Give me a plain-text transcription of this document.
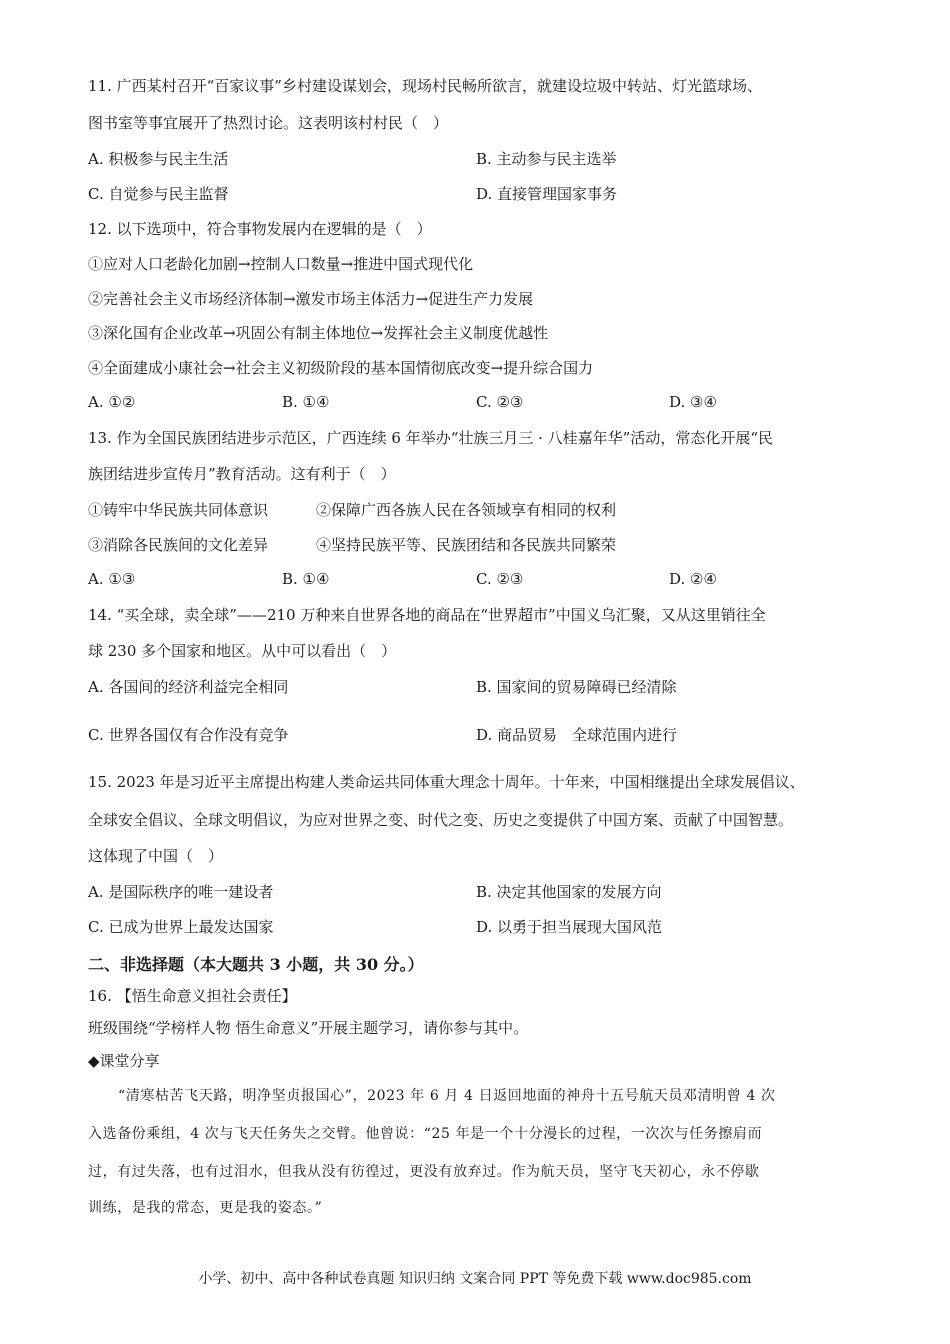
11. 广西某村召开“百家议事”乡村建设谋划会，现场村民畅所欲言，就建设垃圾中转站、灯光篮球场、
图书室等事宜展开了热烈讨论。这表明该村村民（　）
A. 积极参与民主生活	B. 主动参与民主选举
C. 自觉参与民主监督	D. 直接管理国家事务
12. 以下选项中，符合事物发展内在逻辑的是（　）
①应对人口老龄化加剧→控制人口数量→推进中国式现代化
②完善社会主义市场经济体制→激发市场主体活力→促进生产力发展
③深化国有企业改革→巩固公有制主体地位→发挥社会主义制度优越性
④全面建成小康社会→社会主义初级阶段的基本国情彻底改变→提升综合国力
A. ①②	B. ①④	C. ②③	D. ③④
13. 作为全国民族团结进步示范区，广西连续 6 年举办“壮族三月三 · 八桂嘉年华”活动，常态化开展“民
族团结进步宣传月”教育活动。这有利于（　）
①铸牢中华民族共同体意识	②保障广西各族人民在各领域享有相同的权利
③消除各民族间的文化差异	④坚持民族平等、民族团结和各民族共同繁荣
A. ①③	B. ①④	C. ②③	D. ②④
14. “买全球，卖全球”——210 万种来自世界各地的商品在“世界超市”中国义乌汇聚，又从这里销往全
球 230 多个国家和地区。从中可以看出（　）
A. 各国间的经济利益完全相同	B. 国家间的贸易障碍已经清除
C. 世界各国仅有合作没有竞争	D. 商品贸易　全球范围内进行
15. 2023 年是习近平主席提出构建人类命运共同体重大理念十周年。十年来，中国相继提出全球发展倡议、
全球安全倡议、全球文明倡议，为应对世界之变、时代之变、历史之变提供了中国方案、贡献了中国智慧。
这体现了中国（　）
A. 是国际秩序的唯一建设者	B. 决定其他国家的发展方向
C. 已成为世界上最发达国家	D. 以勇于担当展现大国风范
二、非选择题（本大题共 3 小题，共 30 分。）
16. 【悟生命意义担社会责任】
班级围绕“学榜样人物 悟生命意义”开展主题学习，请你参与其中。
◆课堂分享
“清寒枯苦飞天路，明净坚贞报国心”，2023 年 6 月 4 日返回地面的神舟十五号航天员邓清明曾 4 次
入选备份乘组，4 次与飞天任务失之交臂。他曾说：“25 年是一个十分漫长的过程，一次次与任务擦肩而
过，有过失落，也有过泪水，但我从没有彷徨过，更没有放弃过。作为航天员，坚守飞天初心，永不停歇
训练，是我的常态，更是我的姿态。”
小学、初中、高中各种试卷真题 知识归纳 文案合同 PPT 等免费下载 www.doc985.com
